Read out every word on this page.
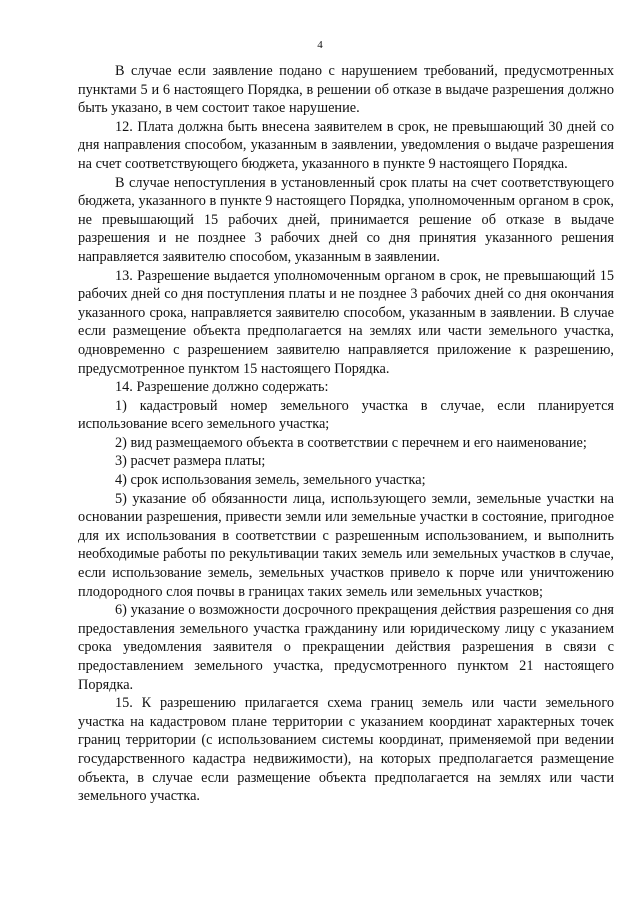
4

В случае если заявление подано с нарушением требований, предусмотренных пунктами 5 и 6 настоящего Порядка, в решении об отказе в выдаче разрешения должно быть указано, в чем состоит такое нарушение.

12. Плата должна быть внесена заявителем в срок, не превышающий 30 дней со дня направления способом, указанным в заявлении, уведомления о выдаче разрешения на счет соответствующего бюджета, указанного в пункте 9 настоящего Порядка.

В случае непоступления в установленный срок платы на счет соответствующего бюджета, указанного в пункте 9 настоящего Порядка, уполномоченным органом в срок, не превышающий 15 рабочих дней, принимается решение об отказе в выдаче разрешения и не позднее 3 рабочих дней со дня принятия указанного решения направляется заявителю способом, указанным в заявлении.

13. Разрешение выдается уполномоченным органом в срок, не превышающий 15 рабочих дней со дня поступления платы и не позднее 3 рабочих дней со дня окончания указанного срока, направляется заявителю способом, указанным в заявлении. В случае если размещение объекта предполагается на землях или части земельного участка, одновременно с разрешением заявителю направляется приложение к разрешению, предусмотренное пунктом 15 настоящего Порядка.

14. Разрешение должно содержать:

1) кадастровый номер земельного участка в случае, если планируется использование всего земельного участка;

2) вид размещаемого объекта в соответствии с перечнем и его наименование;

3) расчет размера платы;

4) срок использования земель, земельного участка;

5) указание об обязанности лица, использующего земли, земельные участки на основании разрешения, привести земли или земельные участки в состояние, пригодное для их использования в соответствии с разрешенным использованием, и выполнить необходимые работы по рекультивации таких земель или земельных участков в случае, если использование земель, земельных участков привело к порче или уничтожению плодородного слоя почвы в границах таких земель или земельных участков;

6) указание о возможности досрочного прекращения действия разрешения со дня предоставления земельного участка гражданину или юридическому лицу с указанием срока уведомления заявителя о прекращении действия разрешения в связи с предоставлением земельного участка, предусмотренного пунктом 21 настоящего Порядка.

15. К разрешению прилагается схема границ земель или части земельного участка на кадастровом плане территории с указанием координат характерных точек границ территории (с использованием системы координат, применяемой при ведении государственного кадастра недвижимости), на которых предполагается размещение объекта, в случае если размещение объекта предполагается на землях или части земельного участка.
